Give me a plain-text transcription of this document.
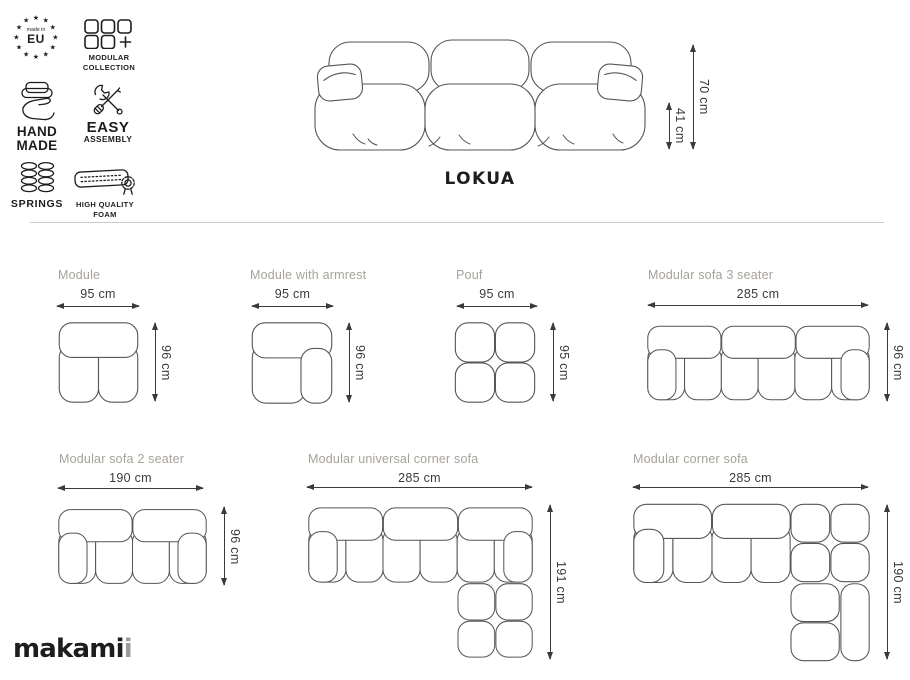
★
★
★
★
★
★
★
★
★ ★ ★
★
made in
EU
MODULAR
COLLECTION
HAND
MADE
EASY
ASSEMBLY
SPRINGS	HIGH QUALITY
FOAM
70 cm
41 cm
LOKUA
Module
95 cm
96 cm
Module with armrest
95 cm
96 cm
Pouf
95 cm
95 cm
Modular sofa 3 seater
285 cm
96 cm
Modular sofa 2 seater
190 cm
96 cm
Modular universal corner sofa
285 cm
191 cm
Modular corner sofa
285 cm
190 cm
makamii
